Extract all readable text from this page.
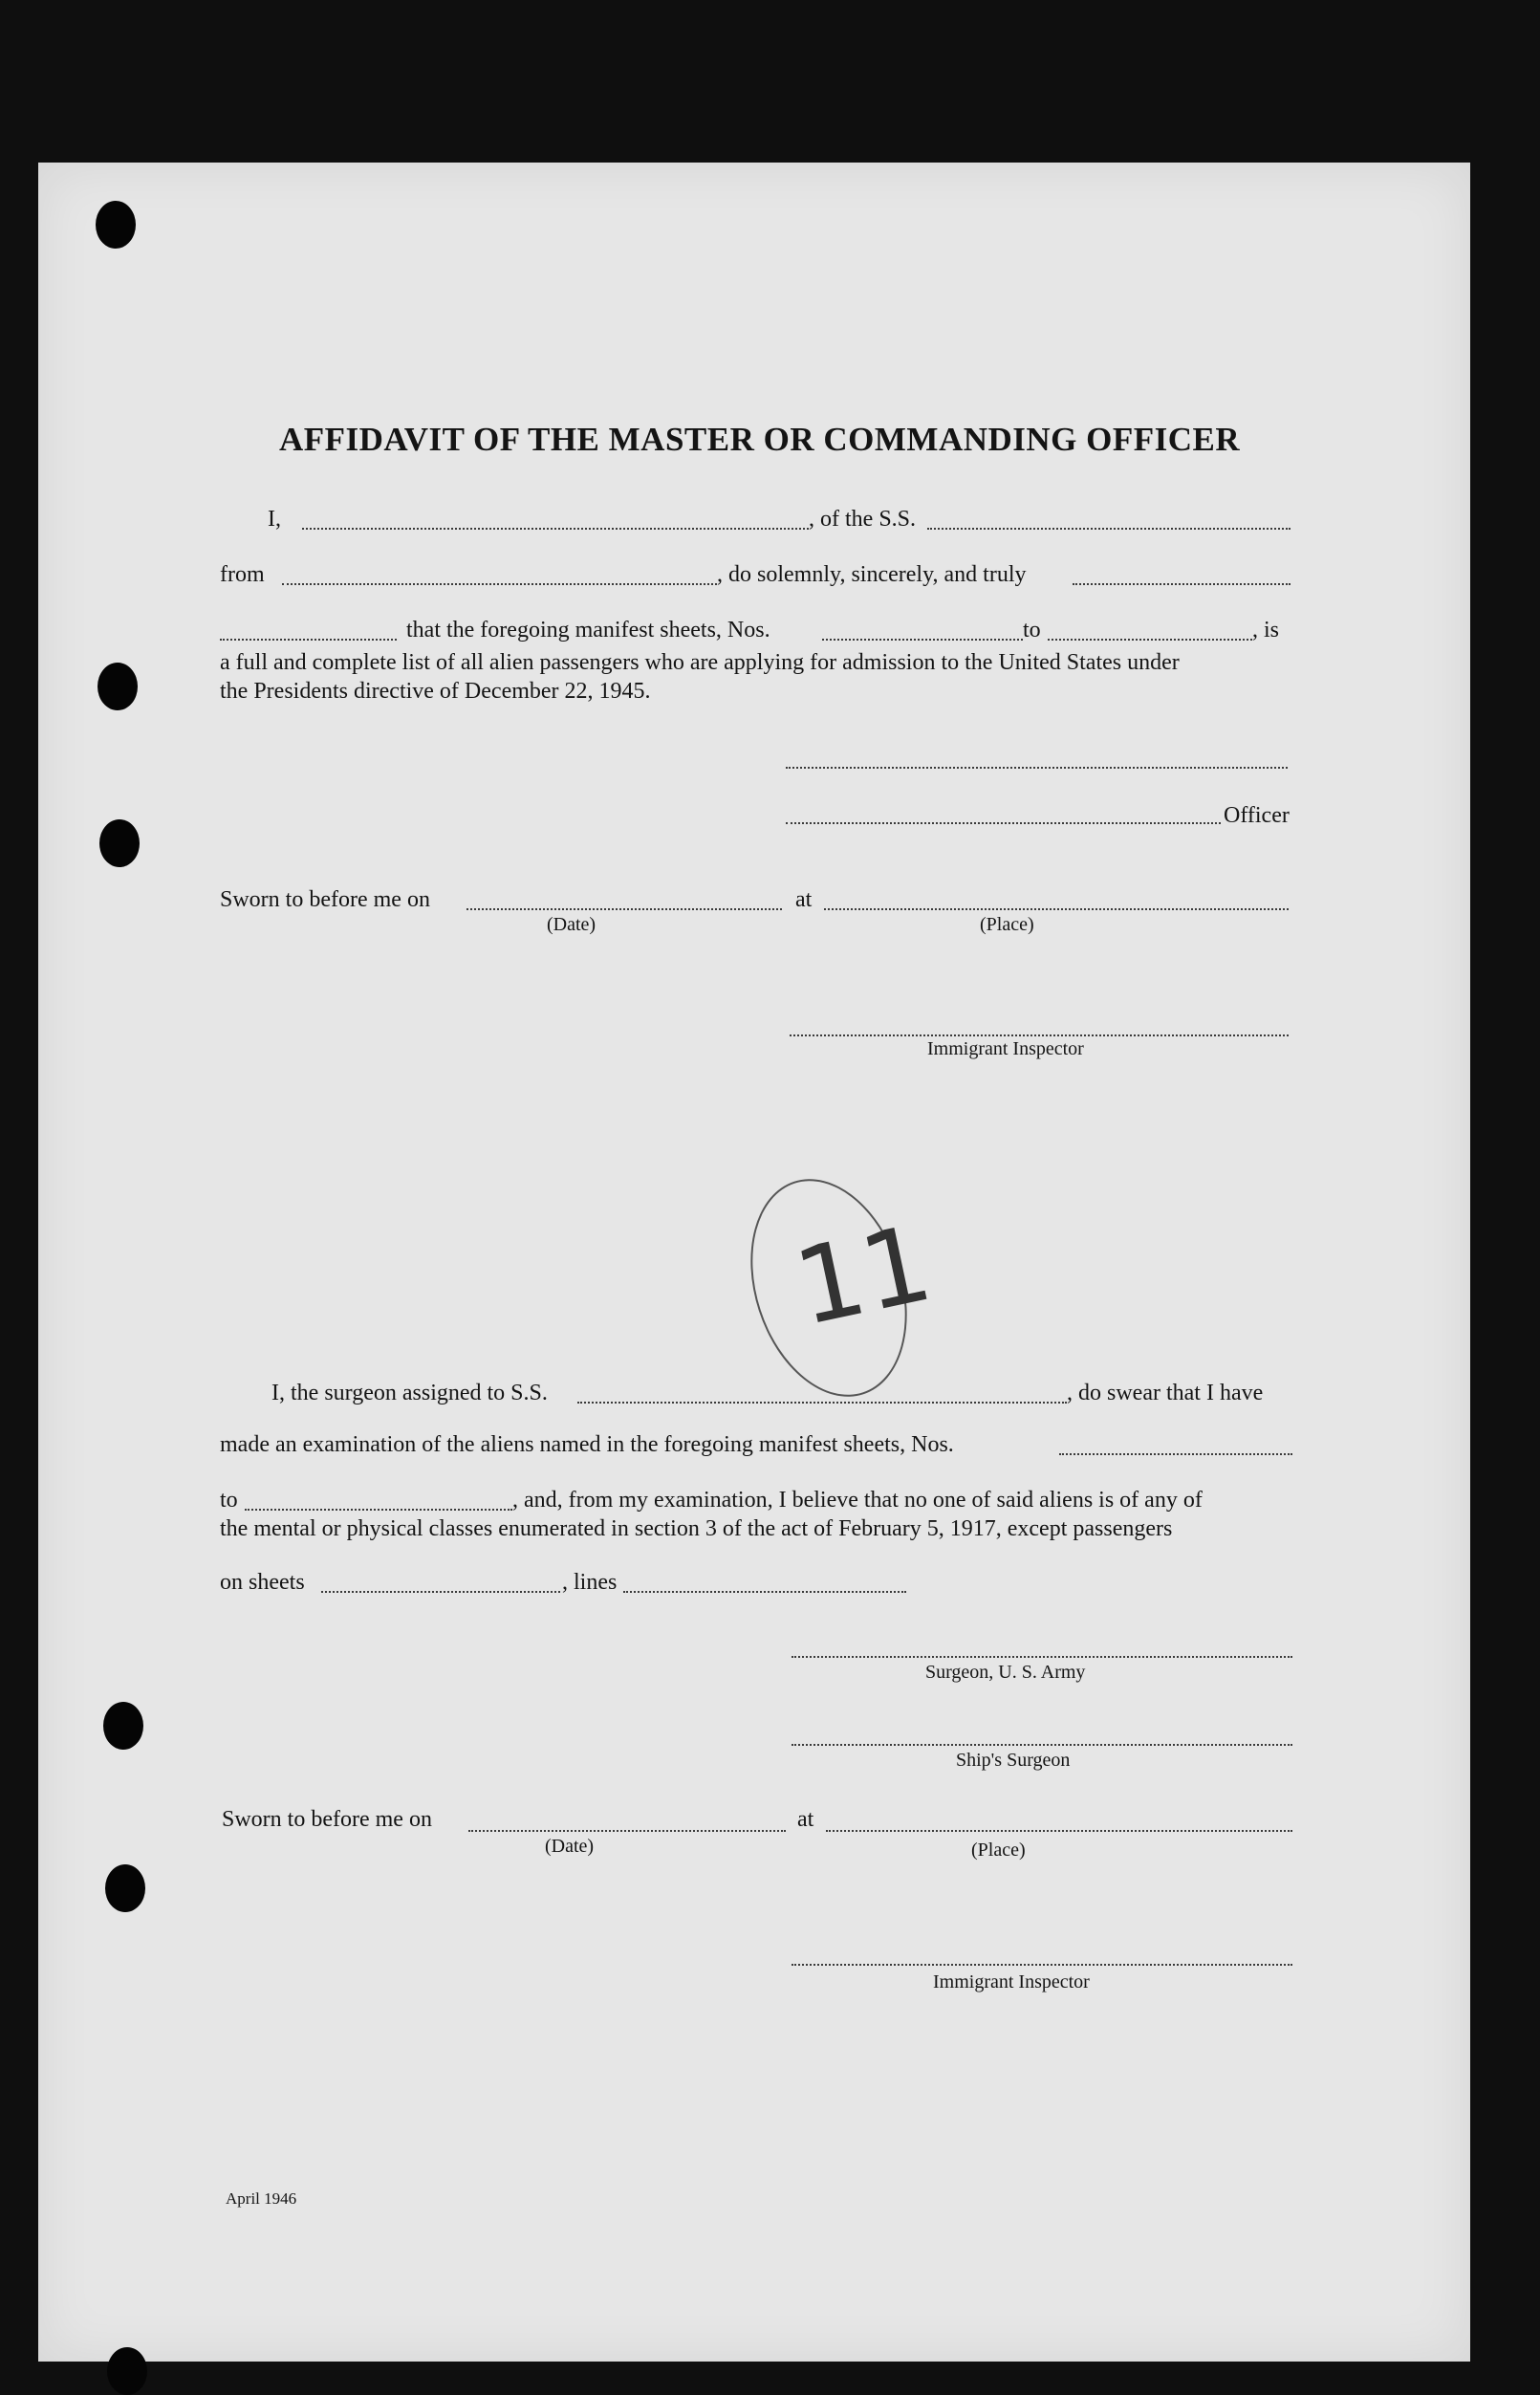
AFFIDAVIT OF THE MASTER OR COMMANDING OFFICER
I,	, of the S.S.
from	, do solemnly, sincerely, and truly
that the foregoing manifest sheets, Nos.	to	, is
a full and complete list of all alien passengers who are applying for admission to the United States under
the Presidents directive of December 22, 1945.
Officer
Sworn to before me on	at
(Date)	(Place)
Immigrant Inspector
11
I, the surgeon assigned to S.S.	, do swear that I have
made an examination of the aliens named in the foregoing manifest sheets, Nos.
to	, and, from my examination, I believe that no one of said aliens is of any of
the mental or physical classes enumerated in section 3 of the act of February 5, 1917, except passengers
on sheets	, lines
Surgeon, U. S. Army
Ship's Surgeon
Sworn to before me on	at
(Date)	(Place)
Immigrant Inspector
April 1946
